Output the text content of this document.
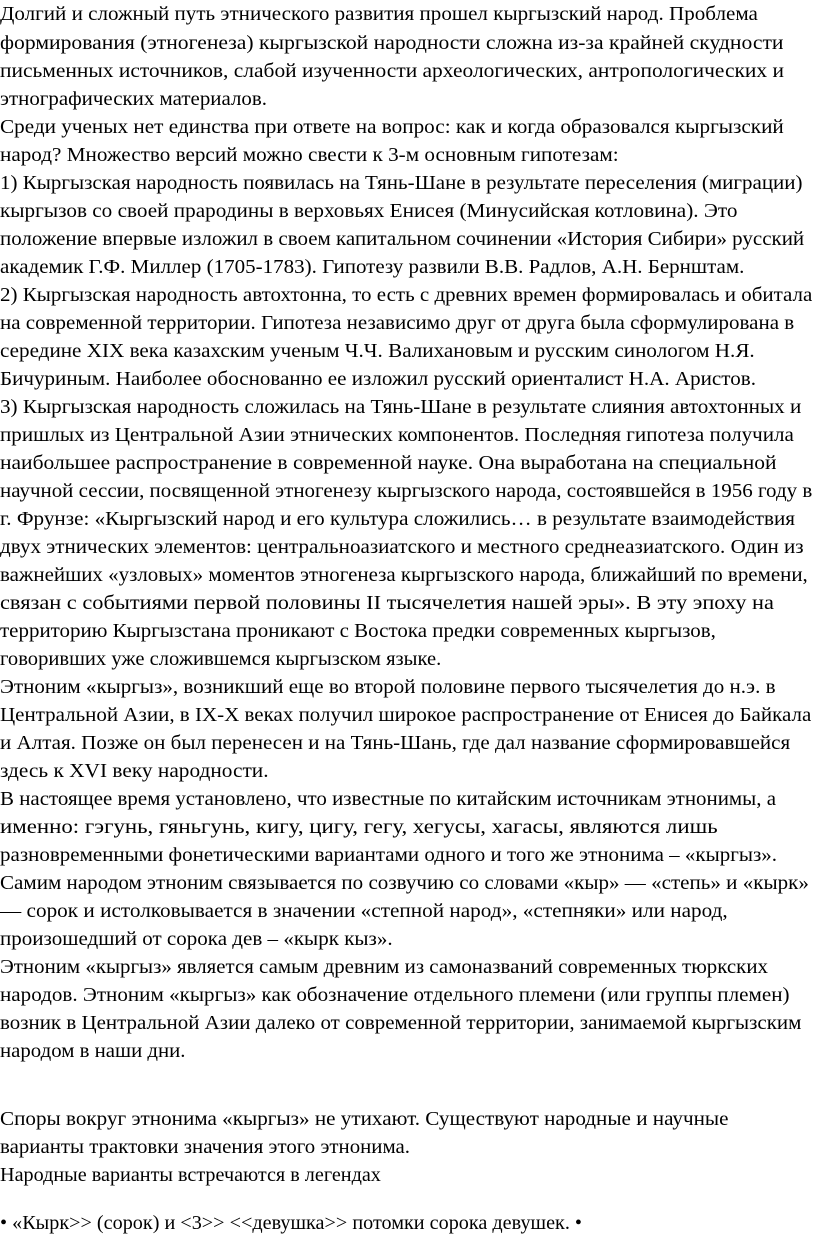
Долгий и сложный путь этнического развития прошел кыргызский народ. Проблема
формирования (этногенеза) кыргызской народности сложна из-за крайней скудности
письменных источников, слабой изученности археологических, антропологических и
этнографических материалов.
Среди ученых нет единства при ответе на вопрос: как и когда образовался кыргызский
народ? Множество версий можно свести к 3-м основным гипотезам:
1) Кыргызская народность появилась на Тянь-Шане в результате переселения (миграции)
кыргызов со своей прародины в верховьях Енисея (Минусийская котловина). Это
положение впервые изложил в своем капитальном сочинении «История Сибири» русский
академик Г.Ф. Миллер (1705-1783). Гипотезу развили В.В. Радлов, А.Н. Бернштам.
2) Кыргызская народность автохтонна, то есть с древних времен формировалась и обитала
на современной территории. Гипотеза независимо друг от друга была сформулирована в
середине XIX века казахским ученым Ч.Ч. Валихановым и русским синологом Н.Я.
Бичуриным. Наиболее обоснованно ее изложил русский ориенталист Н.А. Аристов.
3) Кыргызская народность сложилась на Тянь-Шане в результате слияния автохтонных и
пришлых из Центральной Азии этнических компонентов. Последняя гипотеза получила
наибольшее распространение в современной науке. Она выработана на специальной
научной сессии, посвященной этногенезу кыргызского народа, состоявшейся в 1956 году в
г. Фрунзе: «Кыргызский народ и его культура сложились… в результате взаимодействия
двух этнических элементов: центральноазиатского и местного среднеазиатского. Один из
важнейших «узловых» моментов этногенеза кыргызского народа, ближайший по времени,
связан с событиями первой половины II тысячелетия нашей эры». В эту эпоху на
территорию Кыргызстана проникают с Востока предки современных кыргызов,
говоривших уже сложившемся кыргызском языке.
Этноним «кыргыз», возникший еще во второй половине первого тысячелетия до н.э. в
Центральной Азии, в IX-X веках получил широкое распространение от Енисея до Байкала
и Алтая. Позже он был перенесен и на Тянь-Шань, где дал название сформировавшейся
здесь к XVI веку народности.
В настоящее время установлено, что известные по китайским источникам этнонимы, а
именно: гэгунь, гяньгунь, кигу, цигу, гегу, хегусы, хагасы, являются лишь
разновременными фонетическими вариантами одного и того же этнонима – «кыргыз».
Самим народом этноним связывается по созвучию со словами «кыр» — «степь» и «кырк»
— сорок и истолковывается в значении «степной народ», «степняки» или народ,
произошедший от сорока дев – «кырк кыз».
Этноним «кыргыз» является самым древним из самоназваний современных тюркских
народов. Этноним «кыргыз» как обозначение отдельного племени (или группы племен)
возник в Центральной Азии далеко от современной территории, занимаемой кыргызским
народом в наши дни.
Споры вокруг этнонима «кыргыз» не утихают. Существуют народные и научные
варианты трактовки значения этого этнонима.
Народные варианты встречаются в легендах
• «Кырк>> (сорок) и <3>> <<девушка>> потомки сорока девушек. •
